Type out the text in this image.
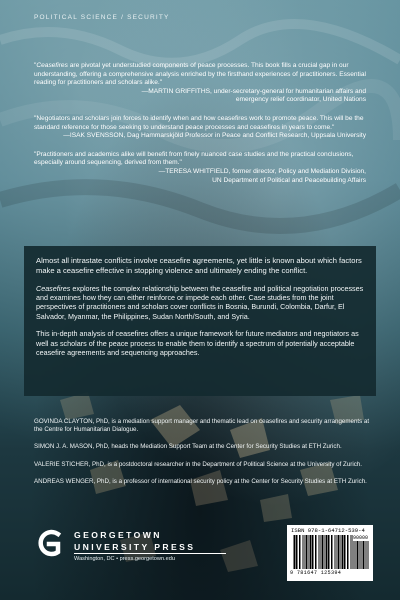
POLITICAL SCIENCE / SECURITY
"Ceasefires are pivotal yet understudied components of peace processes. This book fills a crucial gap in our understanding, offering a comprehensive analysis enriched by the firsthand experiences of practitioners. Essential reading for practitioners and scholars alike."
—MARTIN GRIFFITHS, under-secretary-general for humanitarian affairs and
emergency relief coordinator, United Nations
"Negotiators and scholars join forces to identify when and how ceasefires work to promote peace. This will be the standard reference for those seeking to understand peace processes and ceasefires in years to come."
—ISAK SVENSSON, Dag Hammarskjöld Professor in Peace and Conflict Research, Uppsala University
"Practitioners and academics alike will benefit from finely nuanced case studies and the practical conclusions, especially around sequencing, derived from them."
—TERESA WHITFIELD, former director, Policy and Mediation Division,
UN Department of Political and Peacebuilding Affairs

Almost all intrastate conflicts involve ceasefire agreements, yet little is known about which factors make a ceasefire effective in stopping violence and ultimately ending the conflict.

Ceasefires explores the complex relationship between the ceasefire and political negotiation processes and examines how they can either reinforce or impede each other. Case studies from the joint perspectives of practitioners and scholars cover conflicts in Bosnia, Burundi, Colombia, Darfur, El Salvador, Myanmar, the Philippines, Sudan North/South, and Syria.

This in-depth analysis of ceasefires offers a unique framework for future mediators and negotiators as well as scholars of the peace process to enable them to identify a spectrum of potentially acceptable ceasefire agreements and sequencing approaches.

GOVINDA CLAYTON, PhD, is a mediation support manager and thematic lead on ceasefires and security arrangements at the Centre for Humanitarian Dialogue.
SIMON J. A. MASON, PhD, heads the Mediation Support Team at the Center for Security Studies at ETH Zurich.
VALERIE STICHER, PhD, is a postdoctoral researcher in the Department of Political Science at the University of Zurich.
ANDREAS WENGER, PhD, is a professor of international security policy at the Center for Security Studies at ETH Zurich.
GEORGETOWN
UNIVERSITY PRESS
Washington, DC • press.georgetown.edu
ISBN 978-1-64712-539-4
90000
9 781647 125394
